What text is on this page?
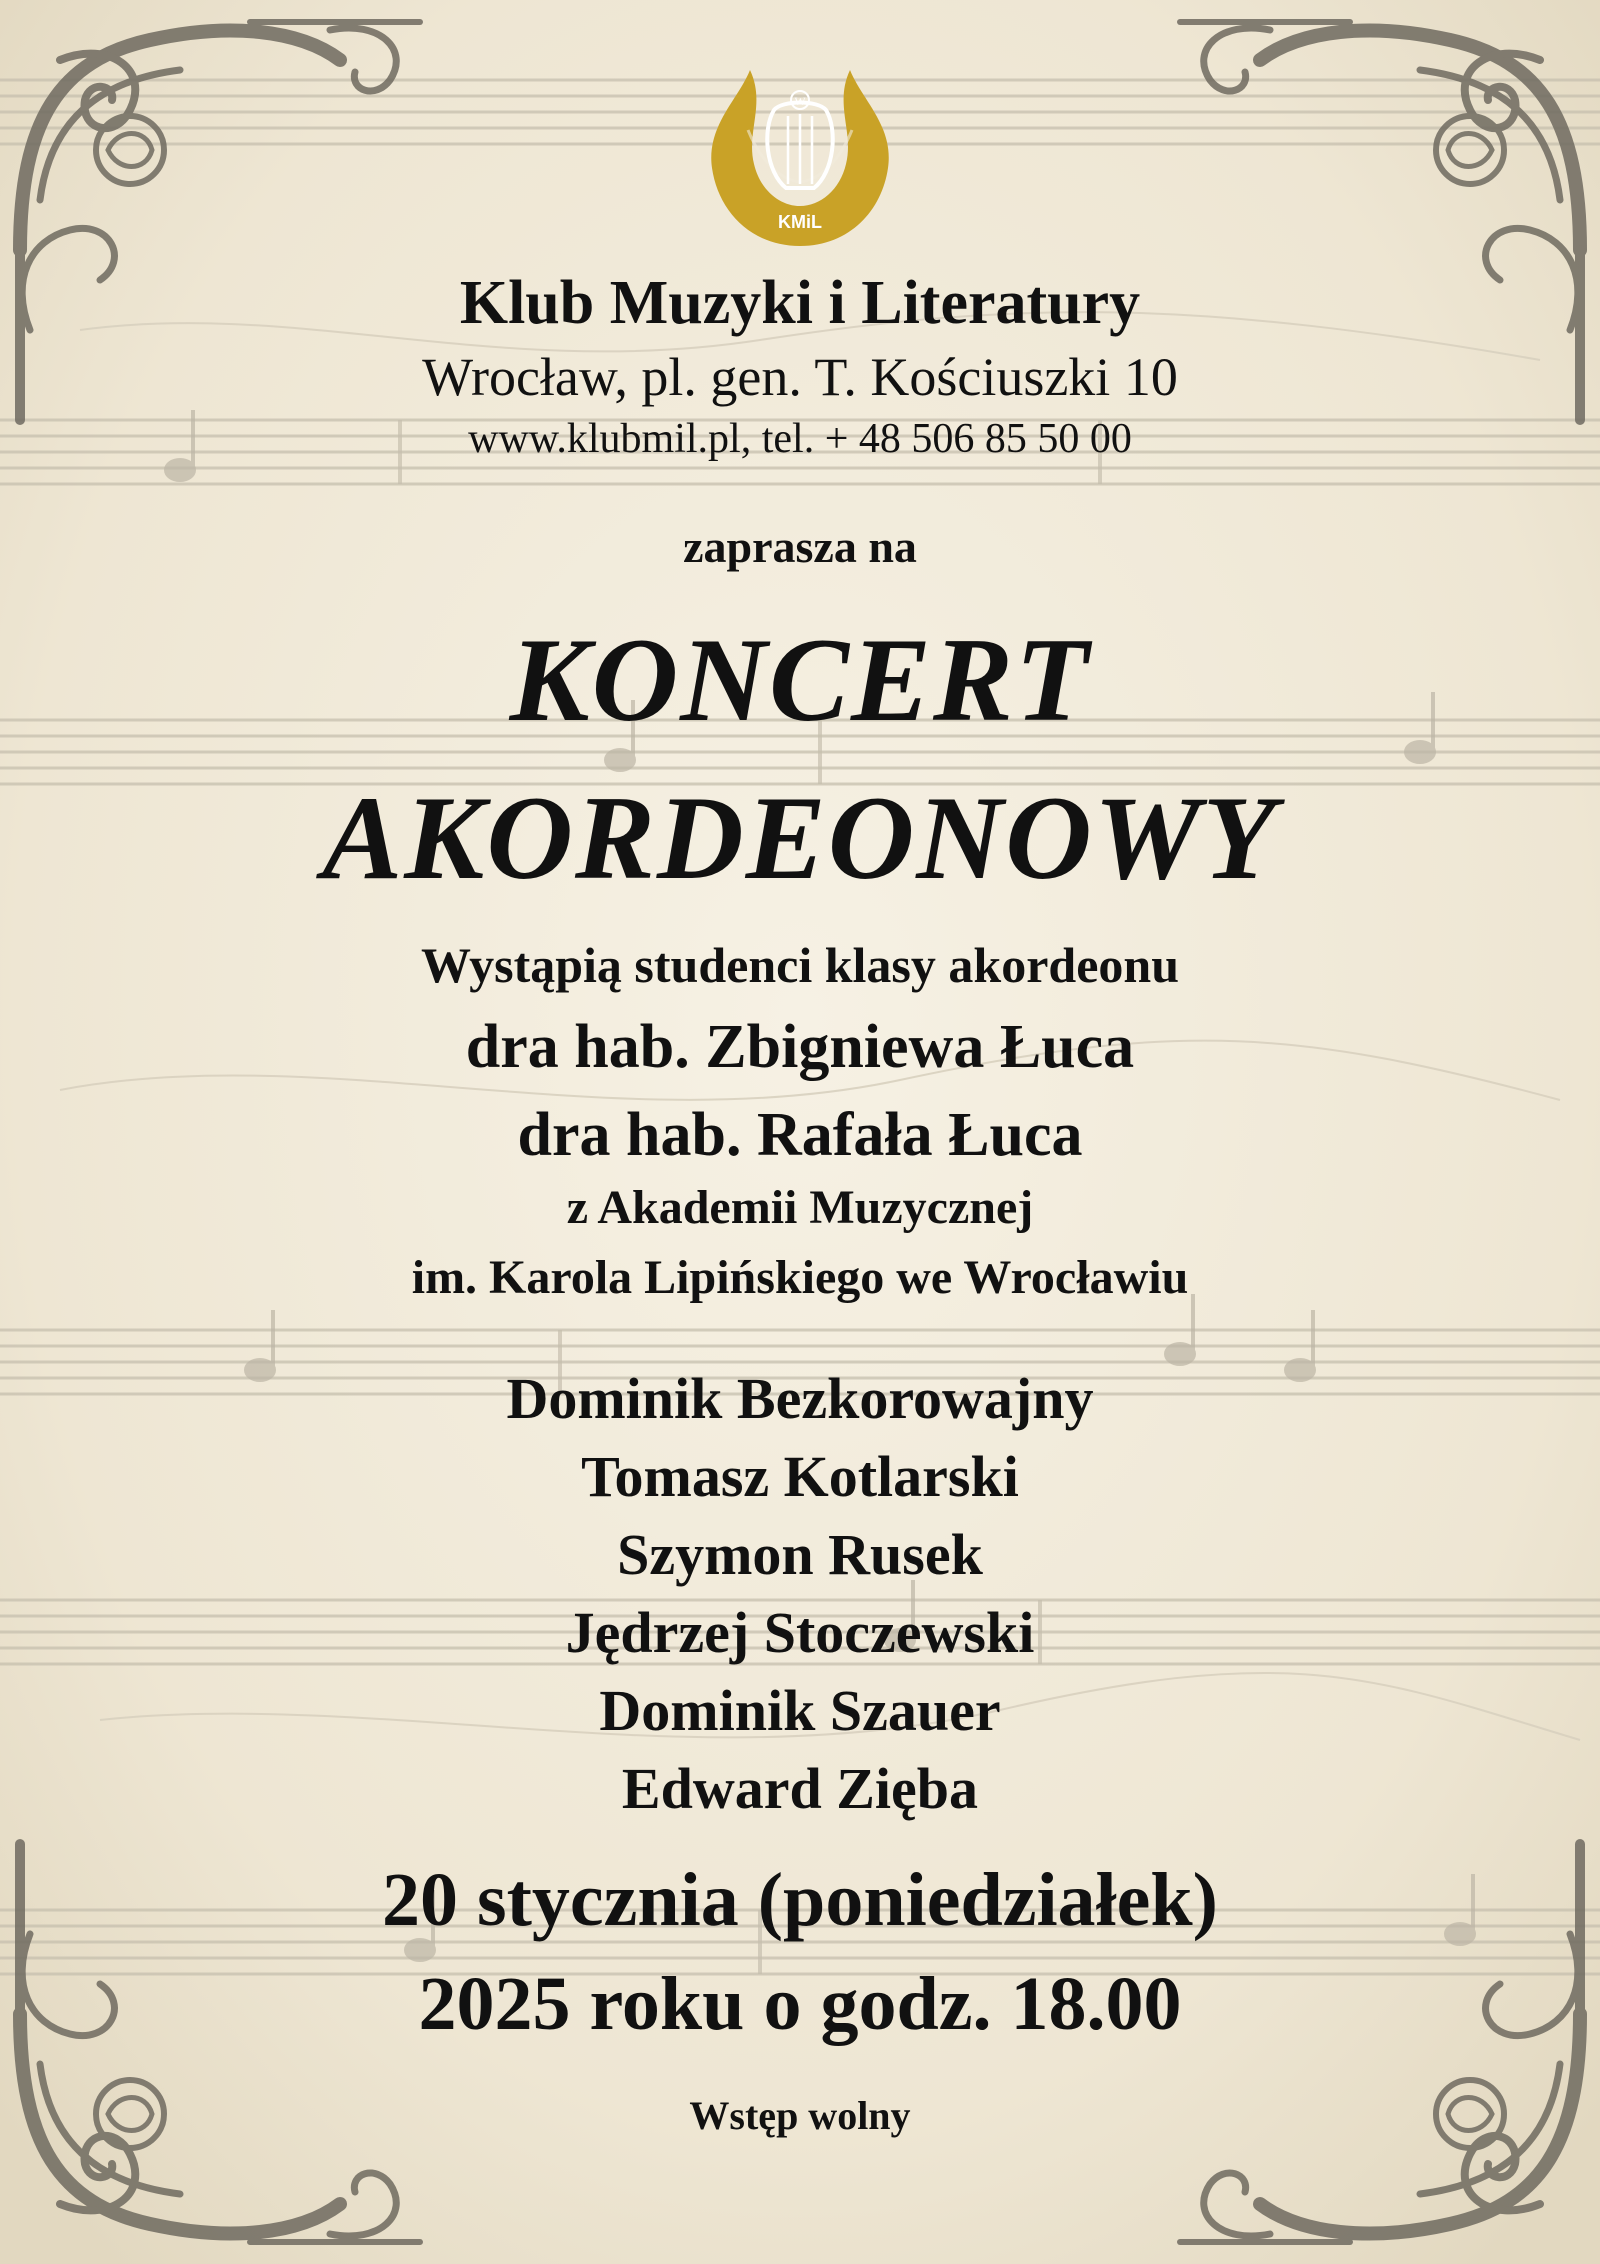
W
KMiL
Klub Muzyki i Literatury
Wrocław, pl. gen. T. Kościuszki 10
www.klubmil.pl, tel. + 48 506 85 50 00
zaprasza na
KONCERT
AKORDEONOWY
Wystąpią studenci klasy akordeonu
dra hab. Zbigniewa Łuca
dra hab. Rafała Łuca
z Akademii Muzycznej
im. Karola Lipińskiego we Wrocławiu
Dominik Bezkorowajny
Tomasz Kotlarski
Szymon Rusek
Jędrzej Stoczewski
Dominik Szauer
Edward Zięba
20 stycznia (poniedziałek)
2025 roku o godz. 18.00
Wstęp wolny
